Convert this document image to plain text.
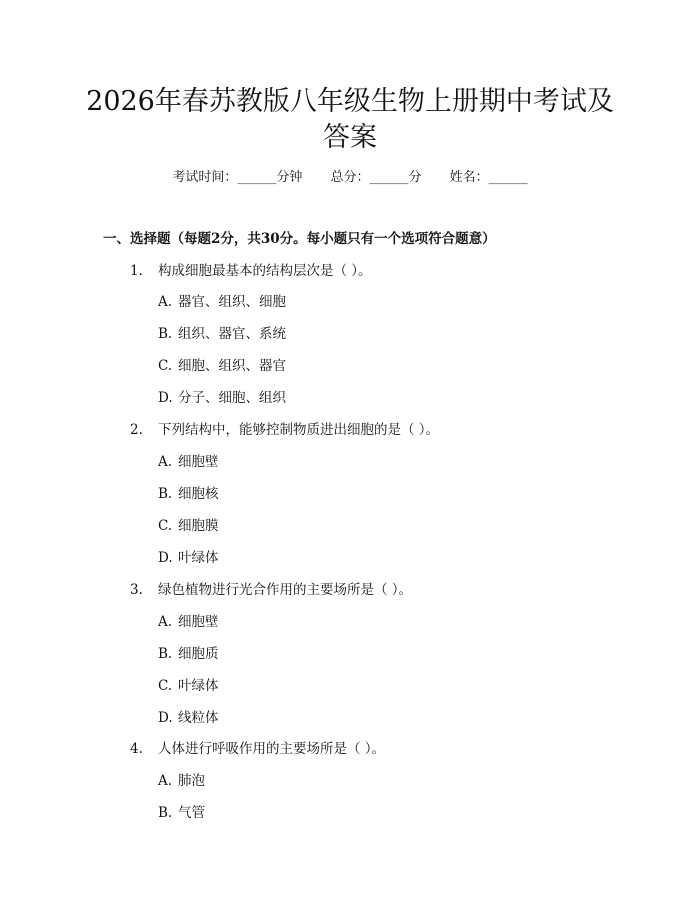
2026年春苏教版八年级生物上册期中考试及
答案
考试时间：______分钟 总分：______分 姓名：______
一、选择题（每题2分，共30分。每小题只有一个选项符合题意）
1. 构成细胞最基本的结构层次是（ ）。
A. 器官、组织、细胞
B. 组织、器官、系统
C. 细胞、组织、器官
D. 分子、细胞、组织
2. 下列结构中，能够控制物质进出细胞的是（ ）。
A. 细胞壁
B. 细胞核
C. 细胞膜
D. 叶绿体
3. 绿色植物进行光合作用的主要场所是（ ）。
A. 细胞壁
B. 细胞质
C. 叶绿体
D. 线粒体
4. 人体进行呼吸作用的主要场所是（ ）。
A. 肺泡
B. 气管
